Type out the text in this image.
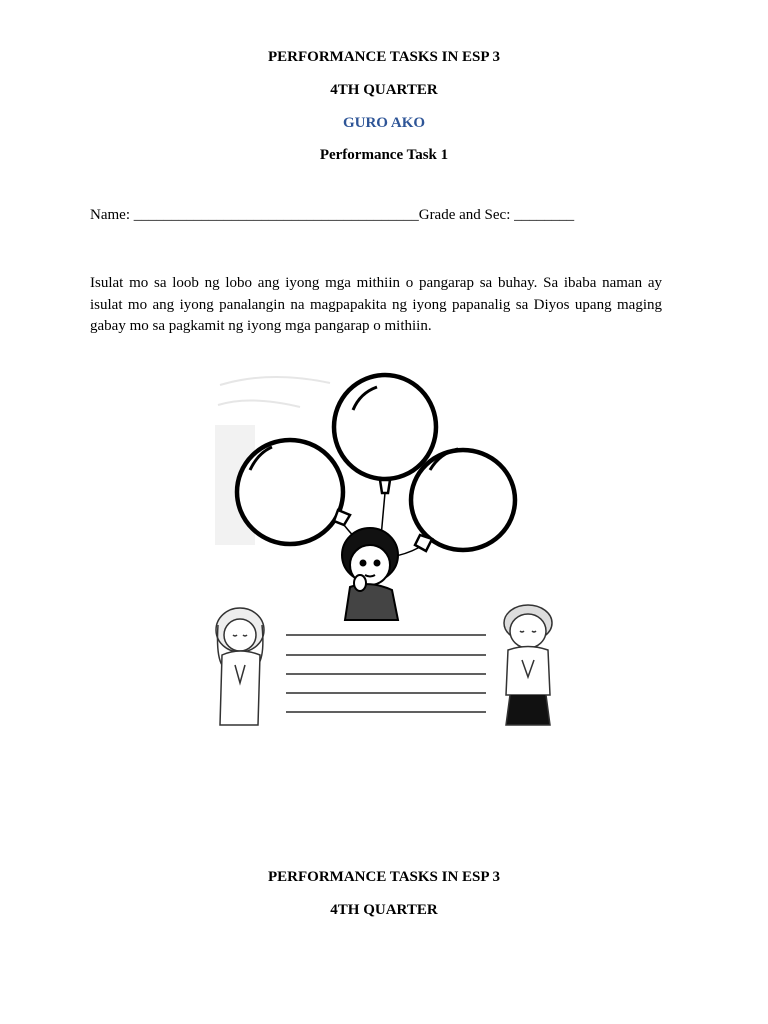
PERFORMANCE TASKS IN ESP 3
4TH QUARTER
GURO AKO
Performance Task 1
Name: ______________________________________Grade and Sec: ________
Isulat mo sa loob ng lobo ang iyong mga mithiin o pangarap sa buhay. Sa ibaba naman ay isulat mo ang iyong panalangin na magpapakita ng iyong papanalig sa Diyos upang maging gabay mo sa pagkamit ng iyong mga pangarap o mithiin.
PERFORMANCE TASKS IN ESP 3
4TH QUARTER
